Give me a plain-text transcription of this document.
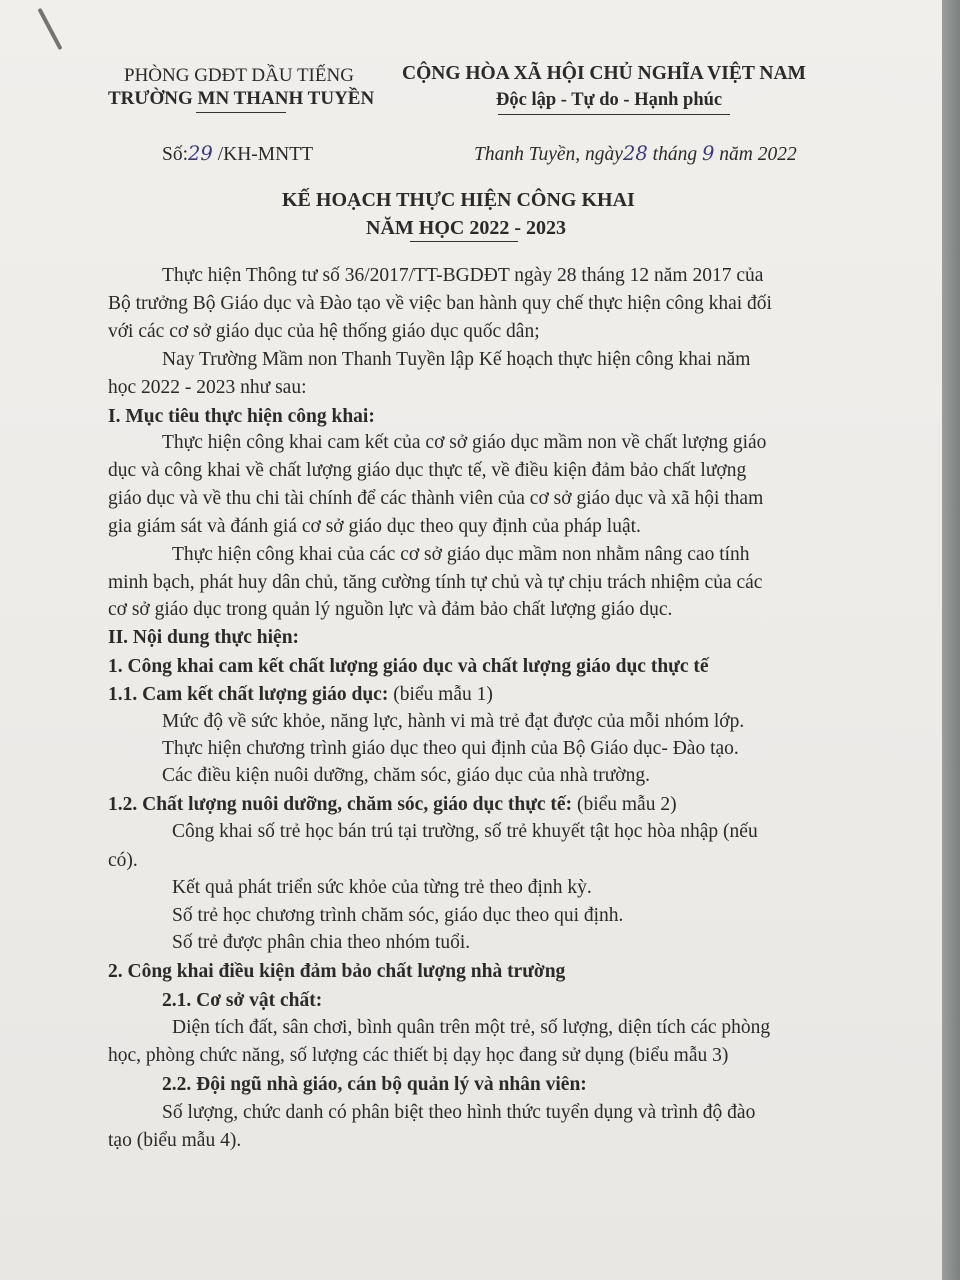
PHÒNG GDĐT DẦU TIẾNG
TRƯỜNG MN THANH TUYỀN
CỘNG HÒA XÃ HỘI CHỦ NGHĨA VIỆT NAM
Độc lập - Tự do - Hạnh phúc
Số:29 /KH-MNTT	Thanh Tuyền, ngày28 tháng 9 năm 2022
KẾ HOẠCH THỰC HIỆN CÔNG KHAI
NĂM HỌC 2022 - 2023
Thực hiện Thông tư số 36/2017/TT-BGDĐT ngày 28 tháng 12 năm 2017 của
Bộ trưởng Bộ Giáo dục và Đào tạo về việc ban hành quy chế thực hiện công khai đối
với các cơ sở giáo dục của hệ thống giáo dục quốc dân;
Nay Trường Mầm non Thanh Tuyền lập Kế hoạch thực hiện công khai năm
học 2022 - 2023 như sau:
I. Mục tiêu thực hiện công khai:
Thực hiện công khai cam kết của cơ sở giáo dục mầm non về chất lượng giáo
dục và công khai về chất lượng giáo dục thực tế, về điều kiện đảm bảo chất lượng
giáo dục và về thu chi tài chính để các thành viên của cơ sở giáo dục và xã hội tham
gia giám sát và đánh giá cơ sở giáo dục theo quy định của pháp luật.
Thực hiện công khai của các cơ sở giáo dục mầm non nhằm nâng cao tính
minh bạch, phát huy dân chủ, tăng cường tính tự chủ và tự chịu trách nhiệm của các
cơ sở giáo dục trong quản lý nguồn lực và đảm bảo chất lượng giáo dục.
II. Nội dung thực hiện:
1. Công khai cam kết chất lượng giáo dục và chất lượng giáo dục thực tế
1.1. Cam kết chất lượng giáo dục: (biểu mẫu 1)
Mức độ về sức khỏe, năng lực, hành vi mà trẻ đạt được của mỗi nhóm lớp.
Thực hiện chương trình giáo dục theo qui định của Bộ Giáo dục- Đào tạo.
Các điều kiện nuôi dưỡng, chăm sóc, giáo dục của nhà trường.
1.2. Chất lượng nuôi dưỡng, chăm sóc, giáo dục thực tế: (biểu mẫu 2)
Công khai số trẻ học bán trú tại trường, số trẻ khuyết tật học hòa nhập (nếu
có).
Kết quả phát triển sức khỏe của từng trẻ theo định kỳ.
Số trẻ học chương trình chăm sóc, giáo dục theo qui định.
Số trẻ được phân chia theo nhóm tuổi.
2. Công khai điều kiện đảm bảo chất lượng nhà trường
2.1. Cơ sở vật chất:
Diện tích đất, sân chơi, bình quân trên một trẻ, số lượng, diện tích các phòng
học, phòng chức năng, số lượng các thiết bị dạy học đang sử dụng (biểu mẫu 3)
2.2. Đội ngũ nhà giáo, cán bộ quản lý và nhân viên:
Số lượng, chức danh có phân biệt theo hình thức tuyển dụng và trình độ đào
tạo (biểu mẫu 4).
